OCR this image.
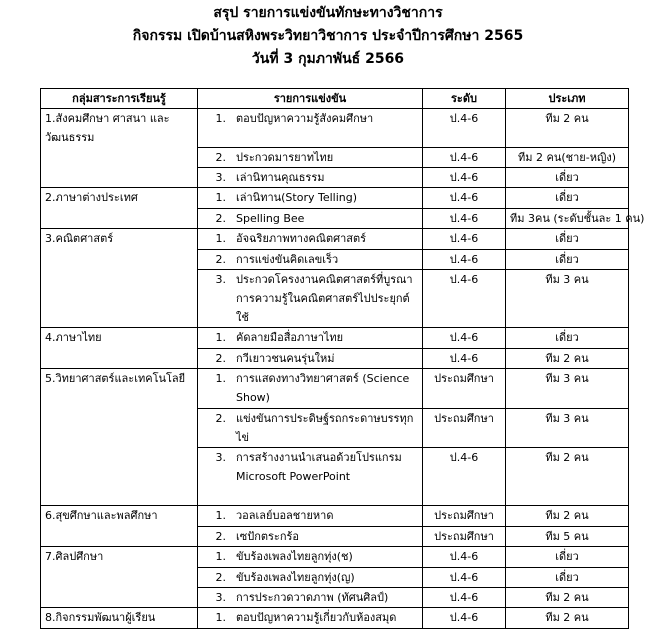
สรุป รายการแข่งขันทักษะทางวิชาการ
กิจกรรม เปิดบ้านสหิงพระวิทยาวิชาการ ประจำปีการศึกษา 2565
วันที่ 3 กุมภาพันธ์ 2566
กลุ่มสาระการเรียนรู้	รายการแข่งขัน	ระดับ	ประเภท

1.สังคมศึกษา ศาสนา และวัฒนธรรม	1. ตอบปัญหาความรู้สังคมศึกษา	ป.4-6	ทีม 2 คน

	2. ประกวดมารยาทไทย	ป.4-6	ทีม 2 คน(ชาย-หญิง)

	3. เล่านิทานคุณธรรม	ป.4-6	เดี่ยว

2.ภาษาต่างประเทศ	1. เล่านิทาน(Story Telling)	ป.4-6	เดี่ยว

	2. Spelling Bee	ป.4-6	ทีม 3คน (ระดับชั้นละ 1 คน)

3.คณิตศาสตร์	1. อัจฉริยภาพทางคณิตศาสตร์	ป.4-6	เดี่ยว

	2. การแข่งขันคิดเลขเร็ว	ป.4-6	เดี่ยว

	3. ประกวดโครงงานคณิตศาสตร์ที่บูรณาการความรู้ในคณิตศาสตร์ไปประยุกต์ใช้	ป.4-6	ทีม 3 คน

4.ภาษาไทย	1. คัดลายมือสื่อภาษาไทย	ป.4-6	เดี่ยว

	2. กวีเยาวชนคนรุ่นใหม่	ป.4-6	ทีม 2 คน

5.วิทยาศาสตร์และเทคโนโลยี	1. การแสดงทางวิทยาศาสตร์ (Science Show)	ประถมศึกษา	ทีม 3 คน

	2. แข่งขันการประดิษฐ์รถกระดาษบรรทุกไข่	ประถมศึกษา	ทีม 3 คน

	3. การสร้างงานนำเสนอด้วยโปรแกรม Microsoft PowerPoint	ป.4-6	ทีม 2 คน

6.สุขศึกษาและพลศึกษา	1. วอลเลย์บอลชายหาด	ประถมศึกษา	ทีม 2 คน

	2. เซปักตระกร้อ	ประถมศึกษา	ทีม 5 คน

7.ศิลปศึกษา	1. ขับร้องเพลงไทยลูกทุ่ง(ช)	ป.4-6	เดี่ยว

	2. ขับร้องเพลงไทยลูกทุ่ง(ญ)	ป.4-6	เดี่ยว

	3. การประกวดวาดภาพ (ทัศนศิลป์)	ป.4-6	ทีม 2 คน

8.กิจกรรมพัฒนาผู้เรียน	1. ตอบปัญหาความรู้เกี่ยวกับห้องสมุด	ป.4-6	ทีม 2 คน
